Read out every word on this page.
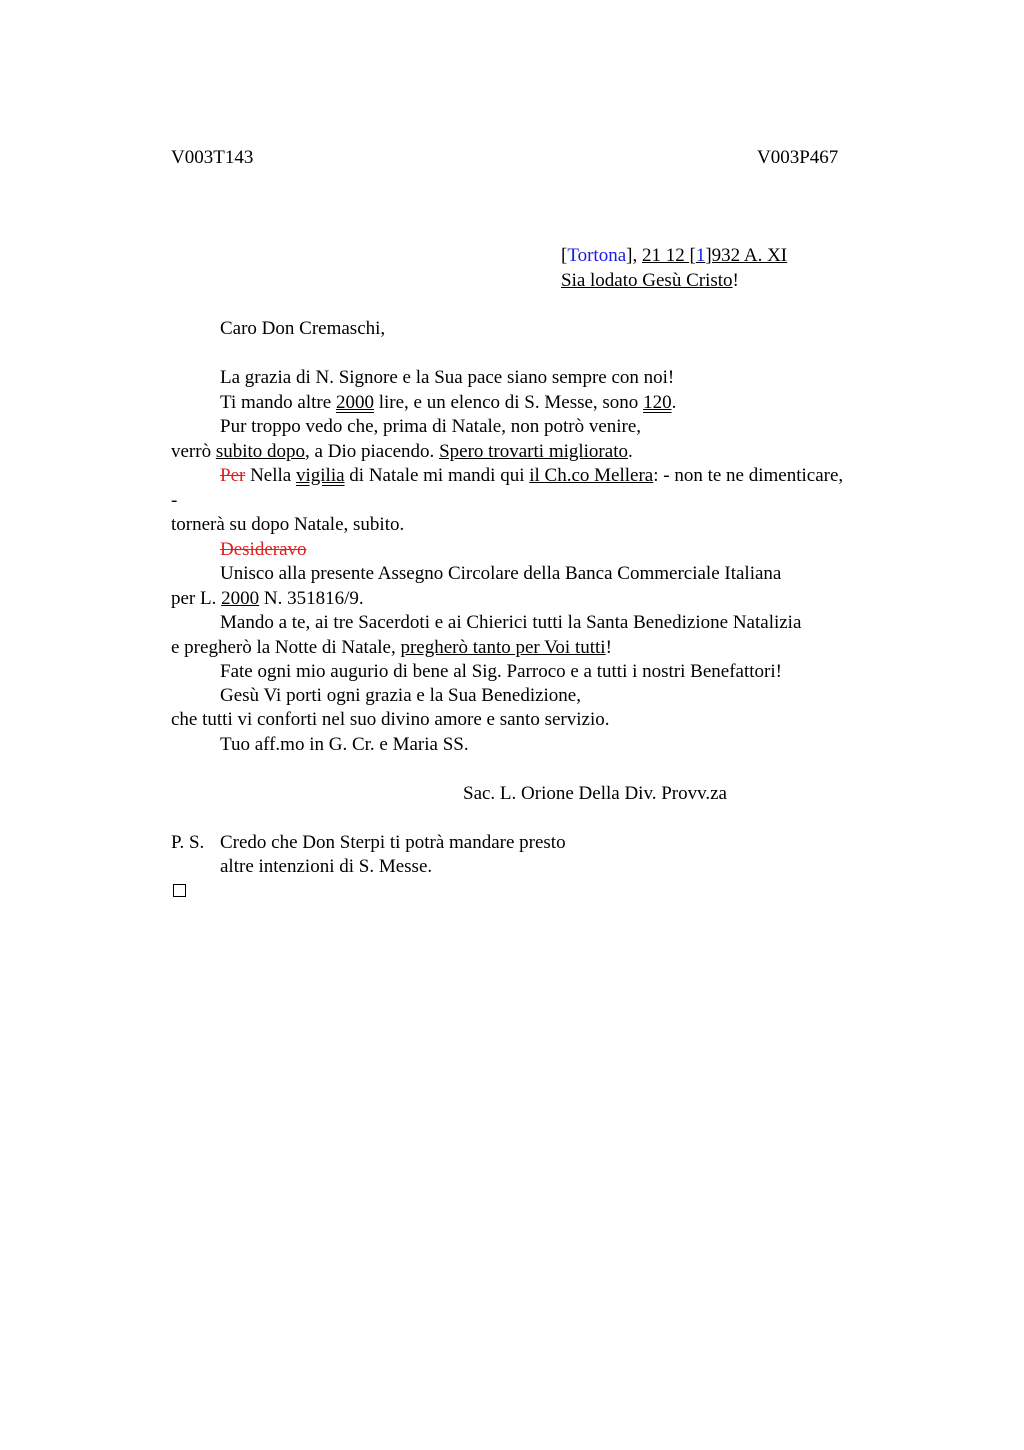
V003T143	V003P467
[Tortona], 21 12 [1]932 A. XI
Sia lodato Gesù Cristo!
Caro Don Cremaschi,
La grazia di N. Signore e la Sua pace siano sempre con noi!
Ti mando altre 2000 lire, e un elenco di S. Messe, sono 120.
Pur troppo vedo che, prima di Natale, non potrò venire,
verrò subito dopo, a Dio piacendo. Spero trovarti migliorato.
Per Nella vigilia di Natale mi mandi qui il Ch.co Mellera: - non te ne dimenticare,
-
tornerà su dopo Natale, subito.
Desideravo
Unisco alla presente Assegno Circolare della Banca Commerciale Italiana
per L. 2000 N. 351816/9.
Mando a te, ai tre Sacerdoti e ai Chierici tutti la Santa Benedizione Natalizia
e pregherò la Notte di Natale, pregherò tanto per Voi tutti!
Fate ogni mio augurio di bene al Sig. Parroco e a tutti i nostri Benefattori!
Gesù Vi porti ogni grazia e la Sua Benedizione,
che tutti vi conforti nel suo divino amore e santo servizio.
Tuo aff.mo in G. Cr. e Maria SS.
Sac. L. Orione Della Div. Provv.za
P. S. Credo che Don Sterpi ti potrà mandare presto
altre intenzioni di S. Messe.
